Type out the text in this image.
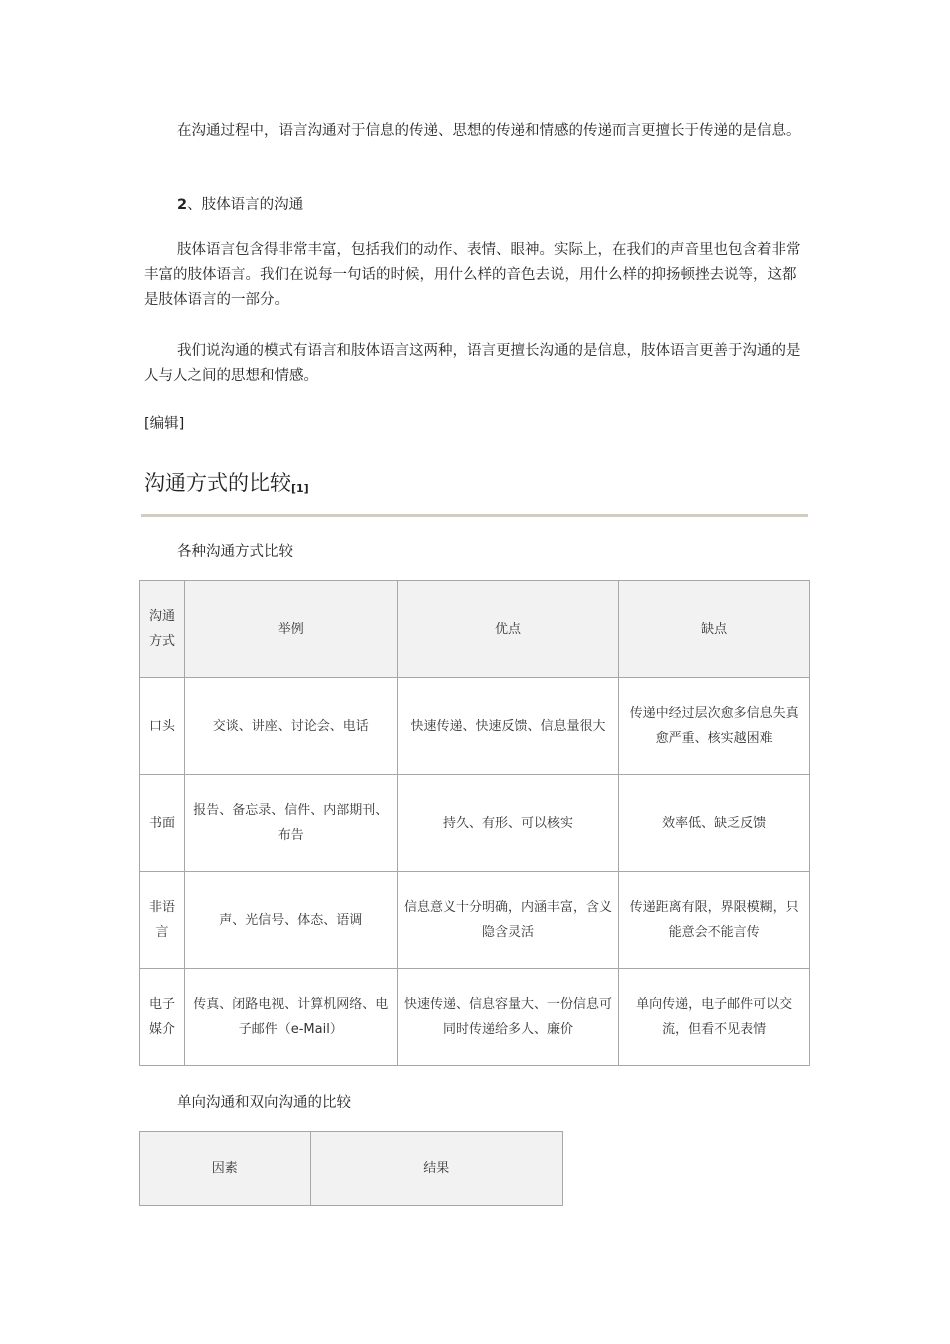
在沟通过程中，语言沟通对于信息的传递、思想的传递和情感的传递而言更擅长于传递的是信息。

2、肢体语言的沟通

肢体语言包含得非常丰富，包括我们的动作、表情、眼神。实际上，在我们的声音里也包含着非常丰富的肢体语言。我们在说每一句话的时候，用什么样的音色去说，用什么样的抑扬顿挫去说等，这都是肢体语言的一部分。

我们说沟通的模式有语言和肢体语言这两种，语言更擅长沟通的是信息，肢体语言更善于沟通的是人与人之间的思想和情感。

[编辑]
沟通方式的比较[1]
各种沟通方式比较
沟通方式	举例	优点	缺点
口头	交谈、讲座、讨论会、电话	快速传递、快速反馈、信息量很大	传递中经过层次愈多信息失真愈严重、核实越困难
书面	报告、备忘录、信件、内部期刊、布告	持久、有形、可以核实	效率低、缺乏反馈
非语言	声、光信号、体态、语调	信息意义十分明确，内涵丰富，含义隐含灵活	传递距离有限，界限模糊，只能意会不能言传
电子媒介	传真、闭路电视、计算机网络、电子邮件（e-Mail）	快速传递、信息容量大、一份信息可同时传递给多人、廉价	单向传递，电子邮件可以交流，但看不见表情
单向沟通和双向沟通的比较
因素	结果
